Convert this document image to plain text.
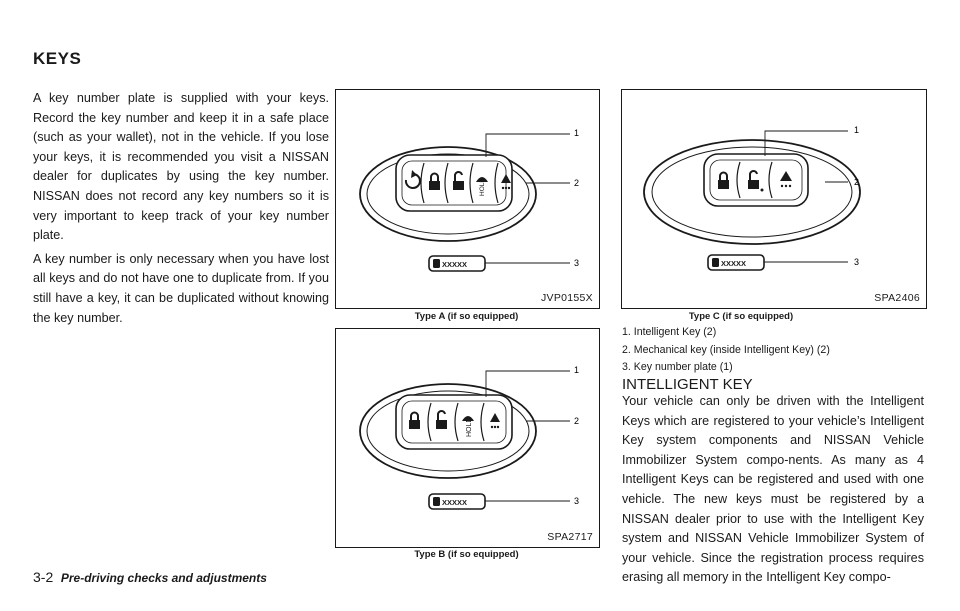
KEYS

A key number plate is supplied with your keys. Record the key number and keep it in a safe place (such as your wallet), not in the vehicle. If you lose your keys, it is recommended you visit a NISSAN dealer for duplicates by using the key number. NISSAN does not record any key numbers so it is very important to keep track of your key number plate.

A key number is only necessary when you have lost all keys and do not have one to duplicate from. If you still have a key, it can be duplicated without knowing the key number.

HOLD
XXXXX
1
2
3
JVP0155X
Type A (if so equipped)
HOLD
XXXXX
1
2
3
SPA2717
Type B (if so equipped)
XXXXX
1
2
3
SPA2406
Type C (if so equipped)
1. Intelligent Key (2)
2. Mechanical key (inside Intelligent Key) (2)
3. Key number plate (1)
INTELLIGENT KEY

Your vehicle can only be driven with the Intelligent Keys which are registered to your vehicle’s Intelligent Key system components and NISSAN Vehicle Immobilizer System compo-nents. As many as 4 Intelligent Keys can be registered and used with one vehicle. The new keys must be registered by a NISSAN dealer prior to use with the Intelligent Key system and NISSAN Vehicle Immobilizer System of your vehicle. Since the registration process requires erasing all memory in the Intelligent Key compo-

3-2 Pre-driving checks and adjustments
